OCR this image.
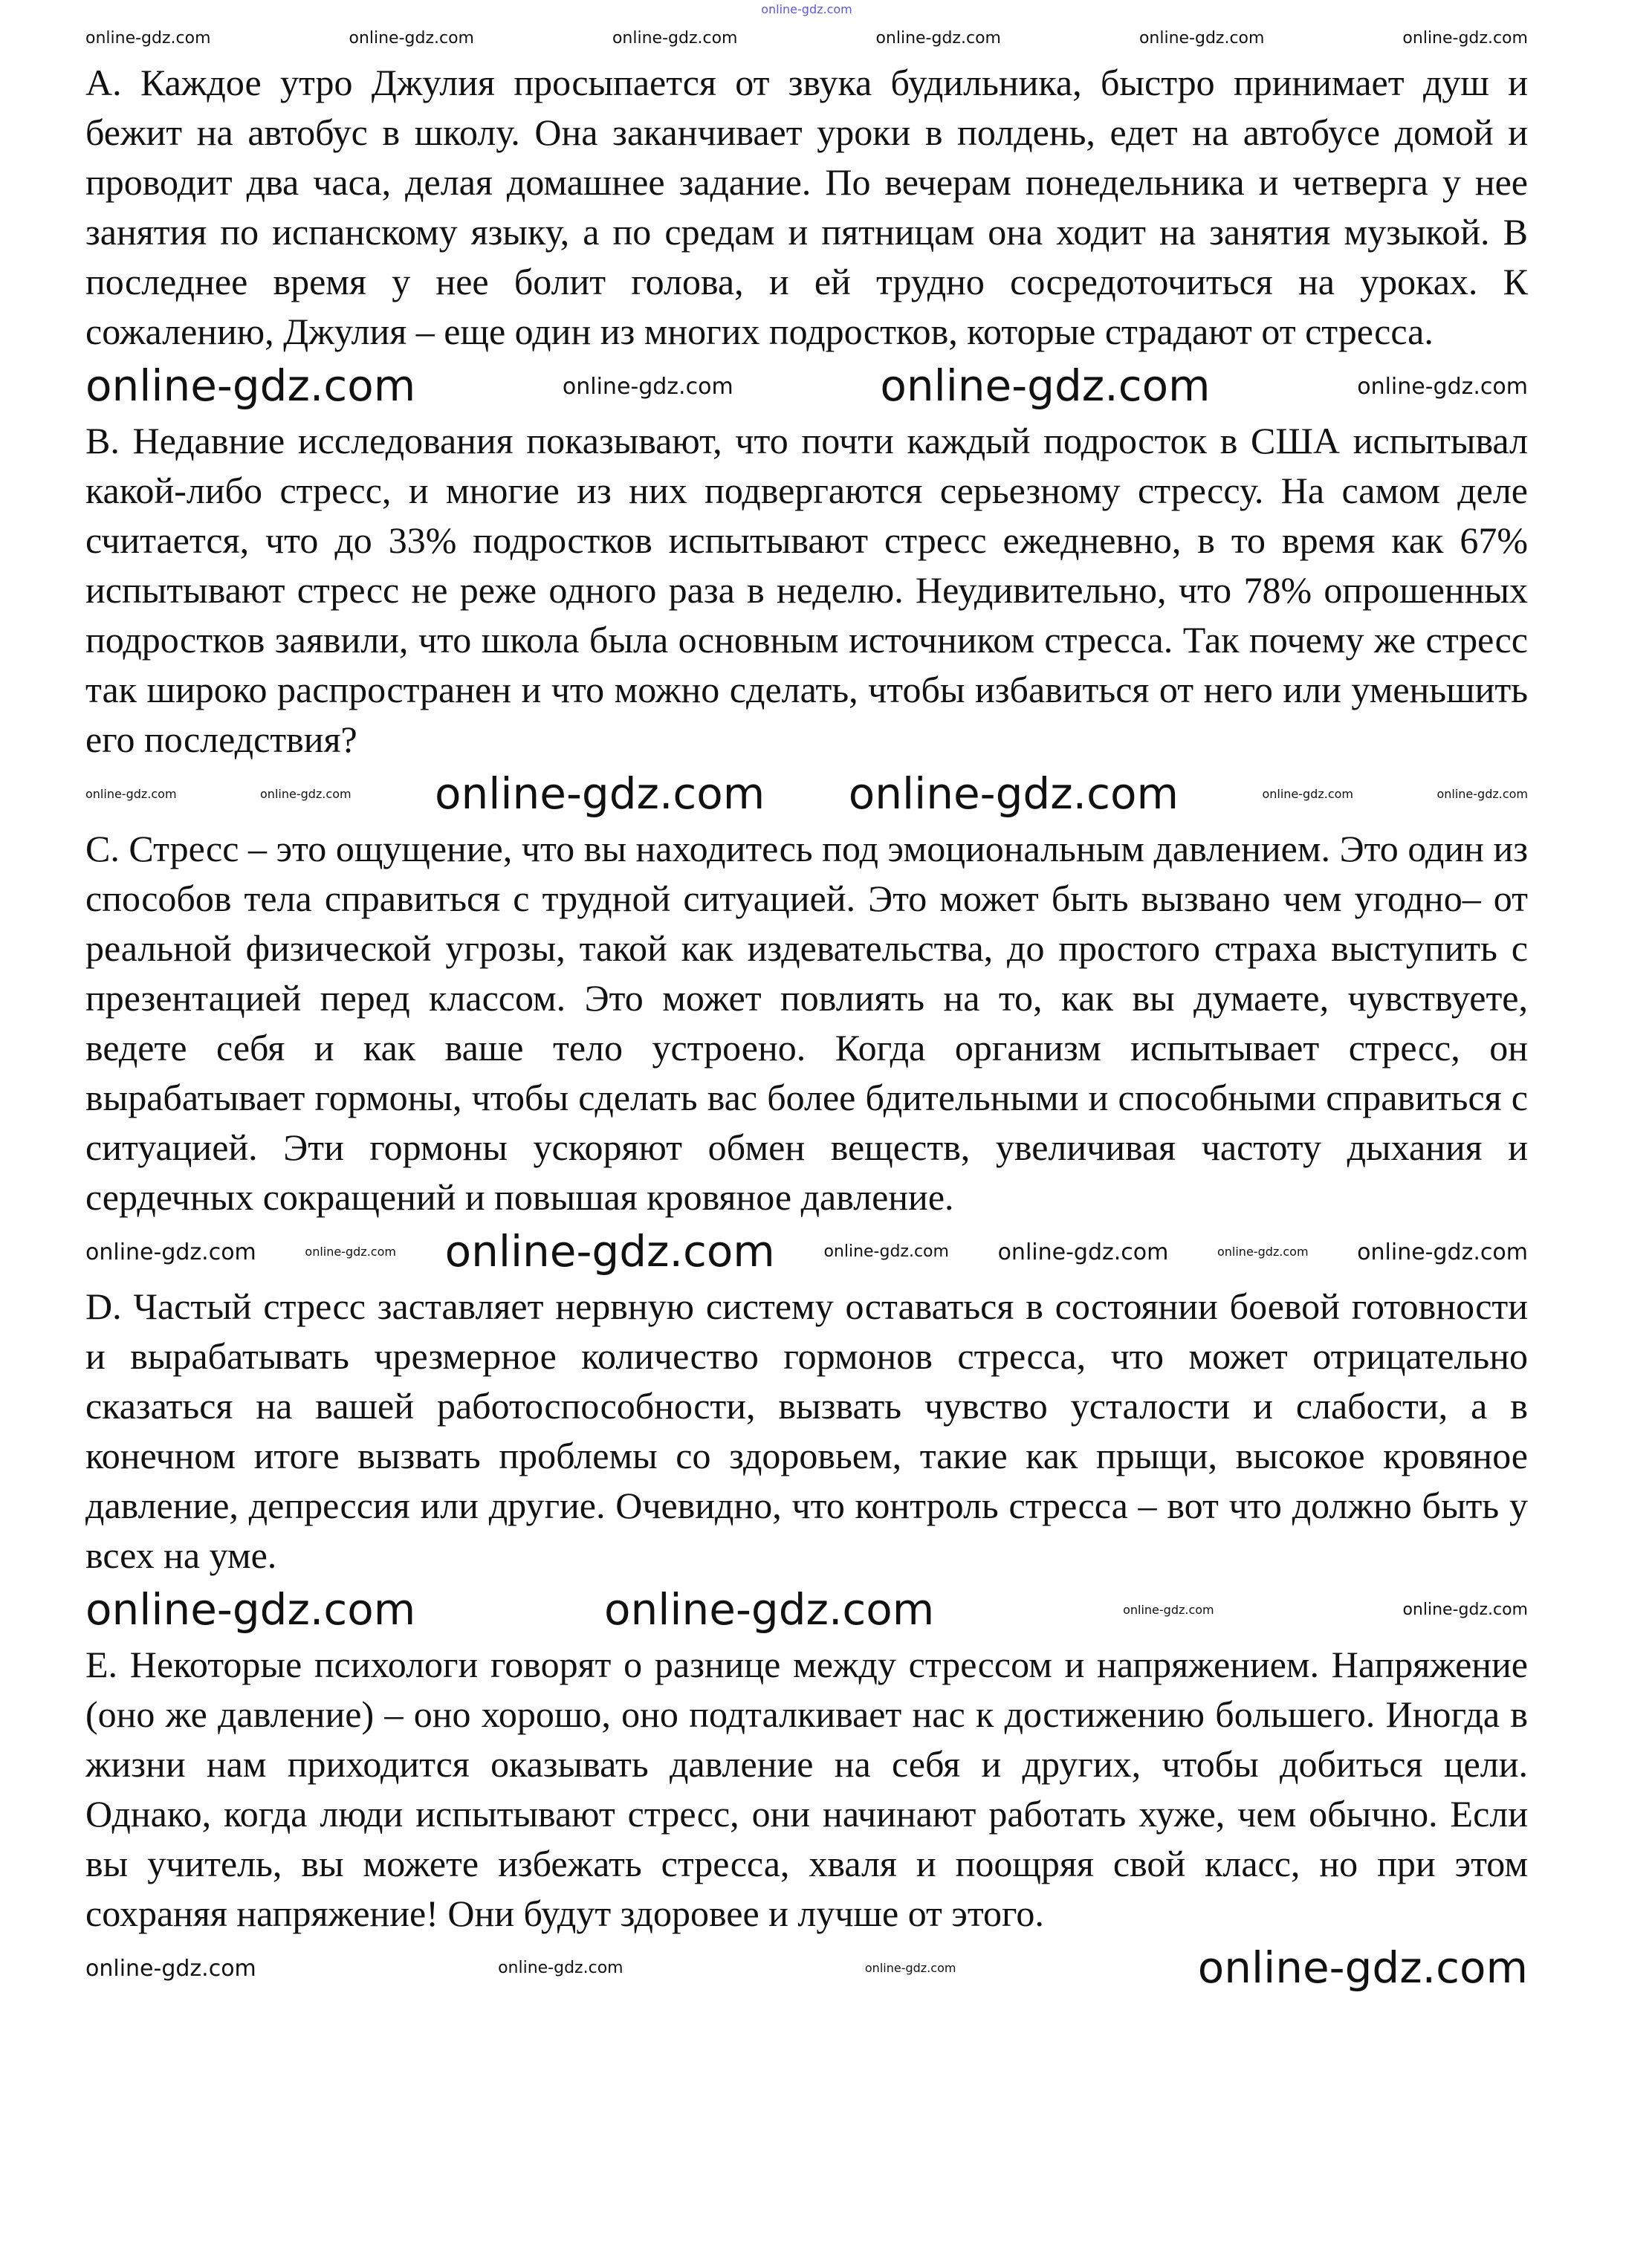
online-gdz.com
online-gdz.com	online-gdz.com	online-gdz.com	online-gdz.com	online-gdz.com	online-gdz.com

A. Каждое утро Джулия просыпается от звука будильника, быстро принимает душ и бежит на автобус в школу. Она заканчивает уроки в полдень, едет на автобусе домой и проводит два часа, делая домашнее задание. По вечерам понедельника и четверга у нее занятия по испанскому языку, а по средам и пятницам она ходит на занятия музыкой. В последнее время у нее болит голова, и ей трудно сосредоточиться на уроках. К сожалению, Джулия – еще один из многих подростков, которые страдают от стресса.

online-gdz.com	online-gdz.com	online-gdz.com	online-gdz.com

B. Недавние исследования показывают, что почти каждый подросток в США испытывал какой-либо стресс, и многие из них подвергаются серьезному стрессу. На самом деле считается, что до 33% подростков испытывают стресс ежедневно, в то время как 67% испытывают стресс не реже одного раза в неделю. Неудивительно, что 78% опрошенных подростков заявили, что школа была основным источником стресса. Так почему же стресс так широко распространен и что можно сделать, чтобы избавиться от него или уменьшить его последствия?

online-gdz.com	online-gdz.com online-gdz.com online-gdz.com	online-gdz.com	online-gdz.com

C. Стресс – это ощущение, что вы находитесь под эмоциональным давлением. Это один из способов тела справиться с трудной ситуацией. Это может быть вызвано чем угодно– от реальной физической угрозы, такой как издевательства, до простого страха выступить с презентацией перед классом. Это может повлиять на то, как вы думаете, чувствуете, ведете себя и как ваше тело устроено. Когда организм испытывает стресс, он вырабатывает гормоны, чтобы сделать вас более бдительными и способными справиться с ситуацией. Эти гормоны ускоряют обмен веществ, увеличивая частоту дыхания и сердечных сокращений и повышая кровяное давление.

online-gdz.com	online-gdz.com online-gdz.com	online-gdz.com online-gdz.com	online-gdz.com online-gdz.com

D. Частый стресс заставляет нервную систему оставаться в состоянии боевой готовности и вырабатывать чрезмерное количество гормонов стресса, что может отрицательно сказаться на вашей работоспособности, вызвать чувство усталости и слабости, а в конечном итоге вызвать проблемы со здоровьем, такие как прыщи, высокое кровяное давление, депрессия или другие. Очевидно, что контроль стресса – вот что должно быть у всех на уме.

online-gdz.com	online-gdz.com	online-gdz.com	online-gdz.com

E. Некоторые психологи говорят о разнице между стрессом и напряжением. Напряжение (оно же давление) – оно хорошо, оно подталкивает нас к достижению большего. Иногда в жизни нам приходится оказывать давление на себя и других, чтобы добиться цели. Однако, когда люди испытывают стресс, они начинают работать хуже, чем обычно. Если вы учитель, вы можете избежать стресса, хваля и поощряя свой класс, но при этом сохраняя напряжение! Они будут здоровее и лучше от этого.

online-gdz.com	online-gdz.com	online-gdz.com	online-gdz.com
